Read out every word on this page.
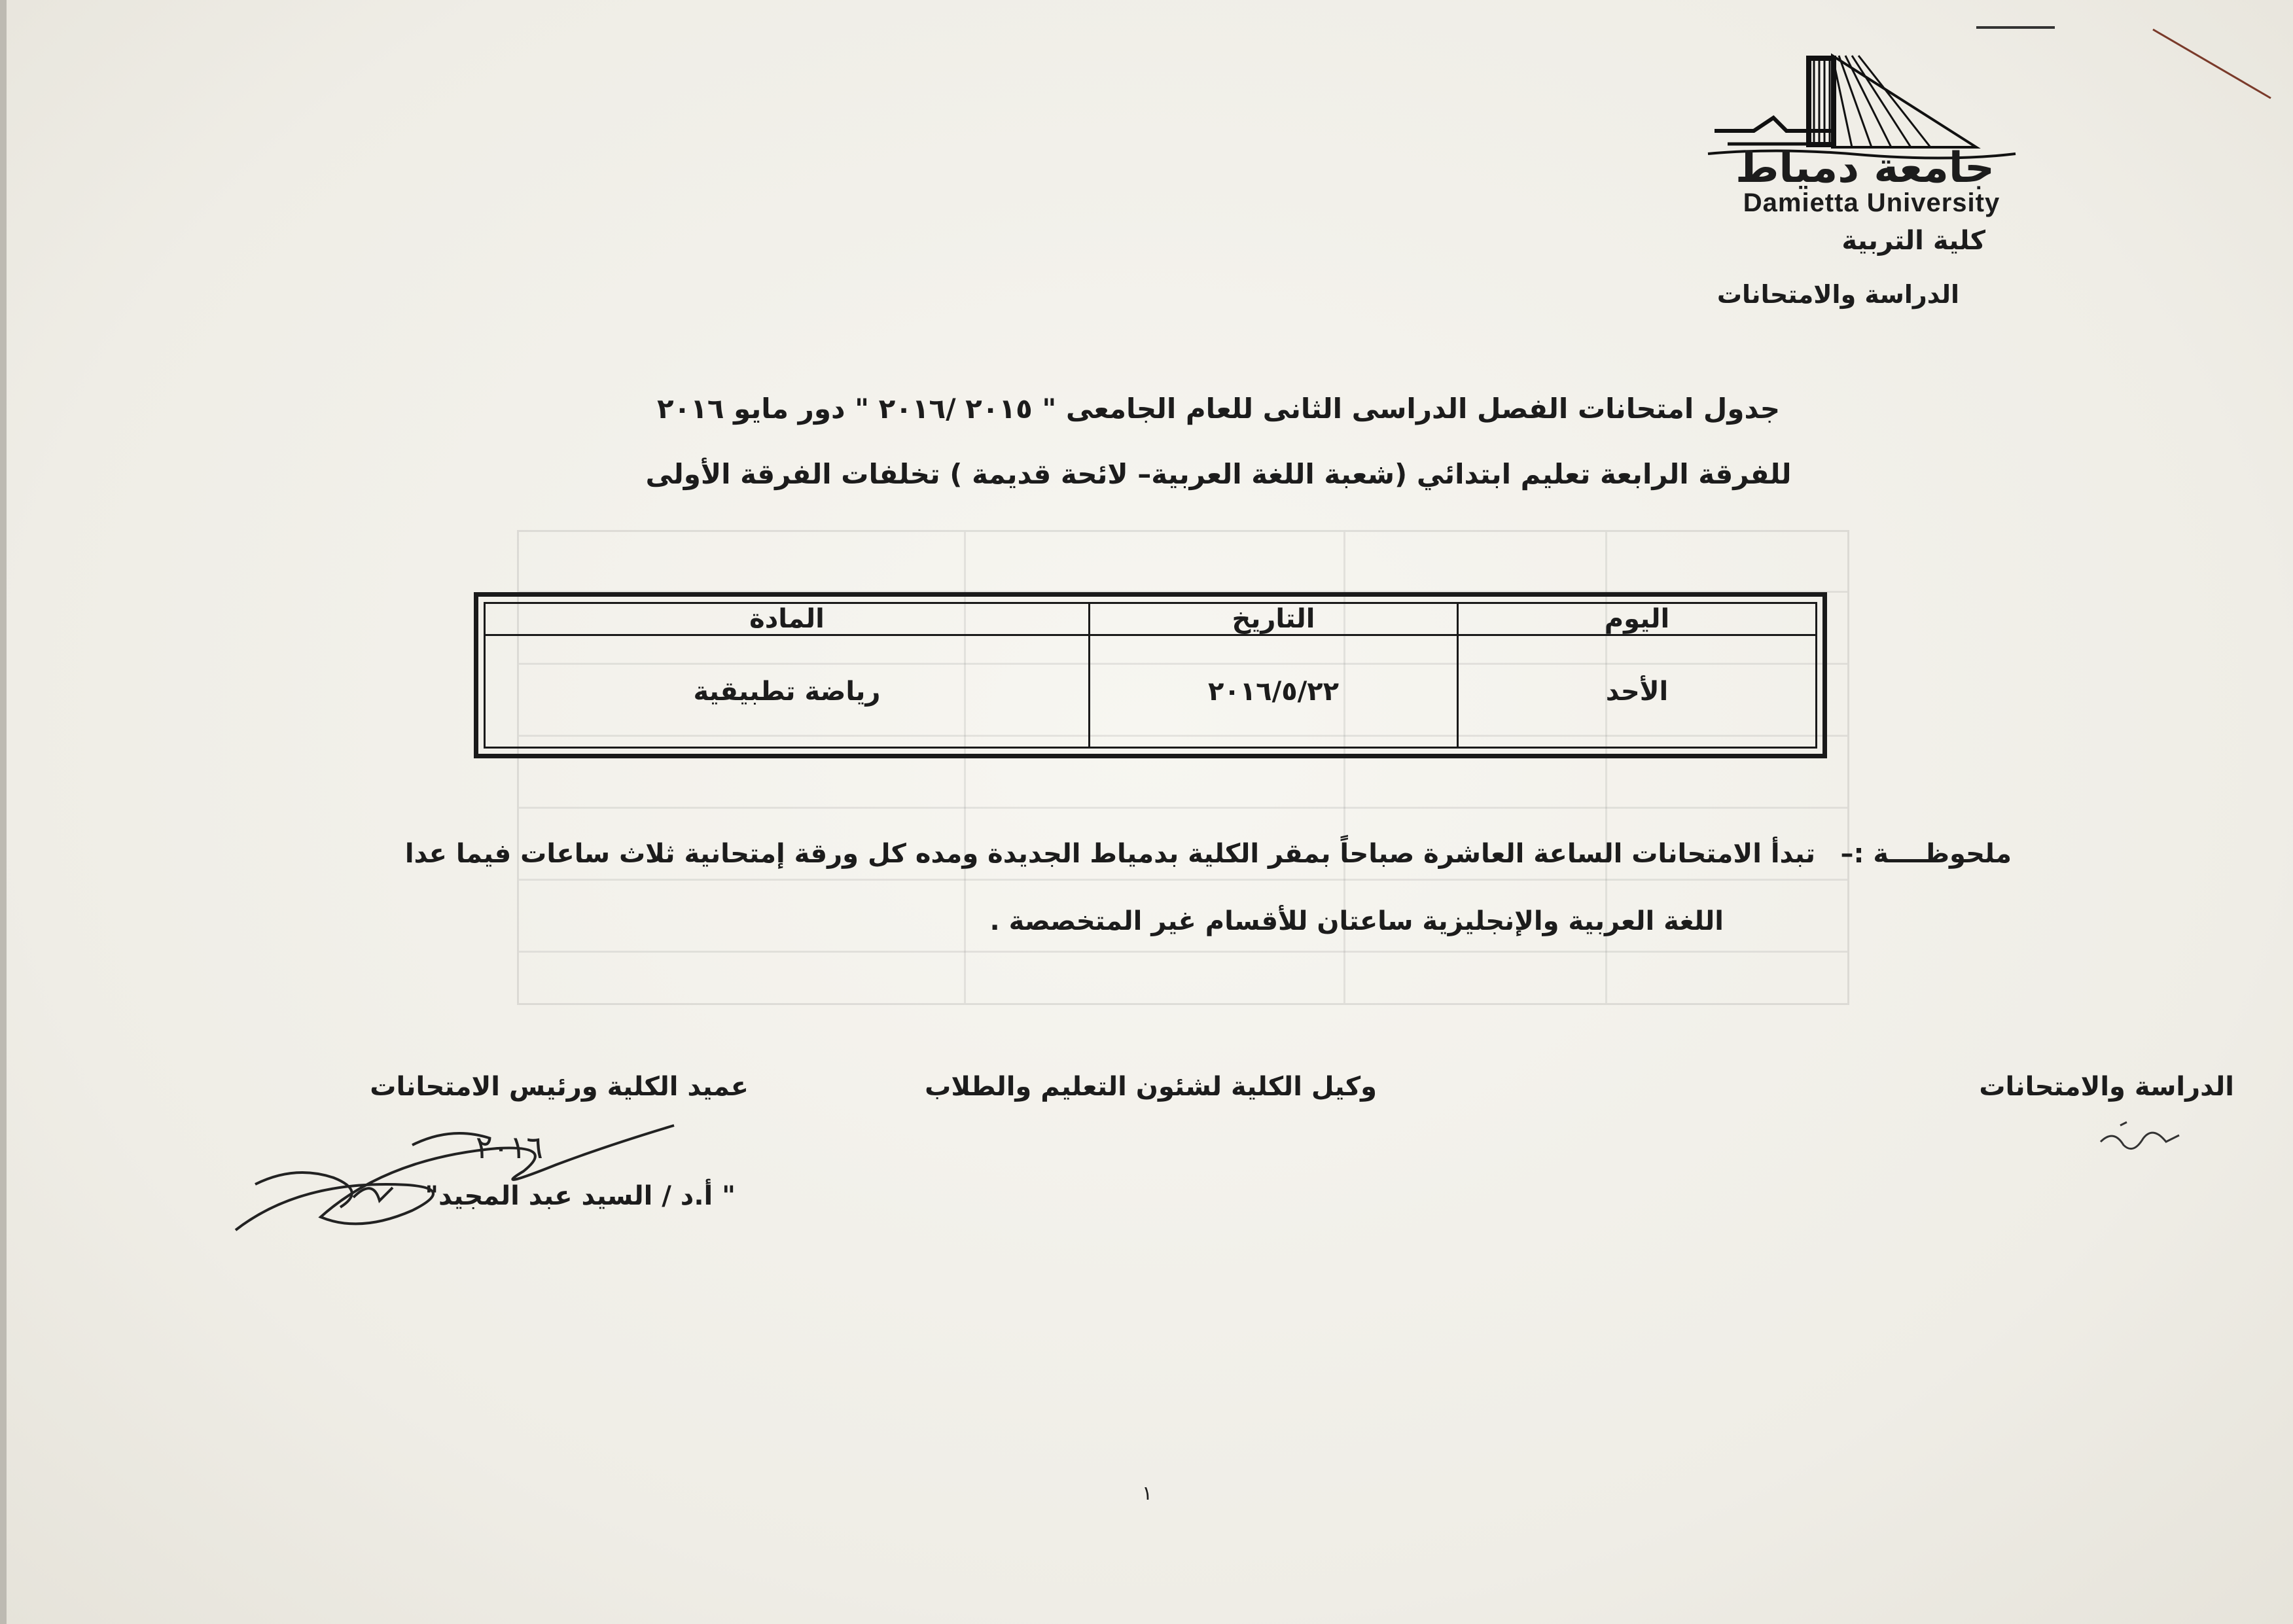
جامعة دمياط
Damietta University
كلية التربية
الدراسة والامتحانات
جدول امتحانات الفصل الدراسى الثانى للعام الجامعى " ٢٠١٥ /٢٠١٦ " دور مايو ٢٠١٦
للفرقة الرابعة تعليم ابتدائي (شعبة اللغة العربية– لائحة قديمة ) تخلفات الفرقة الأولى
اليوم	التاريخ	المادة
الأحد	٢٠١٦/٥/٢٢	رياضة تطبيقية
ملحوظــــة :–
تبدأ الامتحانات الساعة العاشرة صباحاً بمقر الكلية بدمياط الجديدة ومده كل ورقة إمتحانية ثلاث ساعات فيما عدا
اللغة العربية والإنجليزية ساعتان للأقسام غير المتخصصة .
الدراسة والامتحانات
وكيل الكلية لشئون التعليم والطلاب
عميد الكلية ورئيس الامتحانات
" أ.د / السيد عبد المجيد"
٢٠١٦
١
